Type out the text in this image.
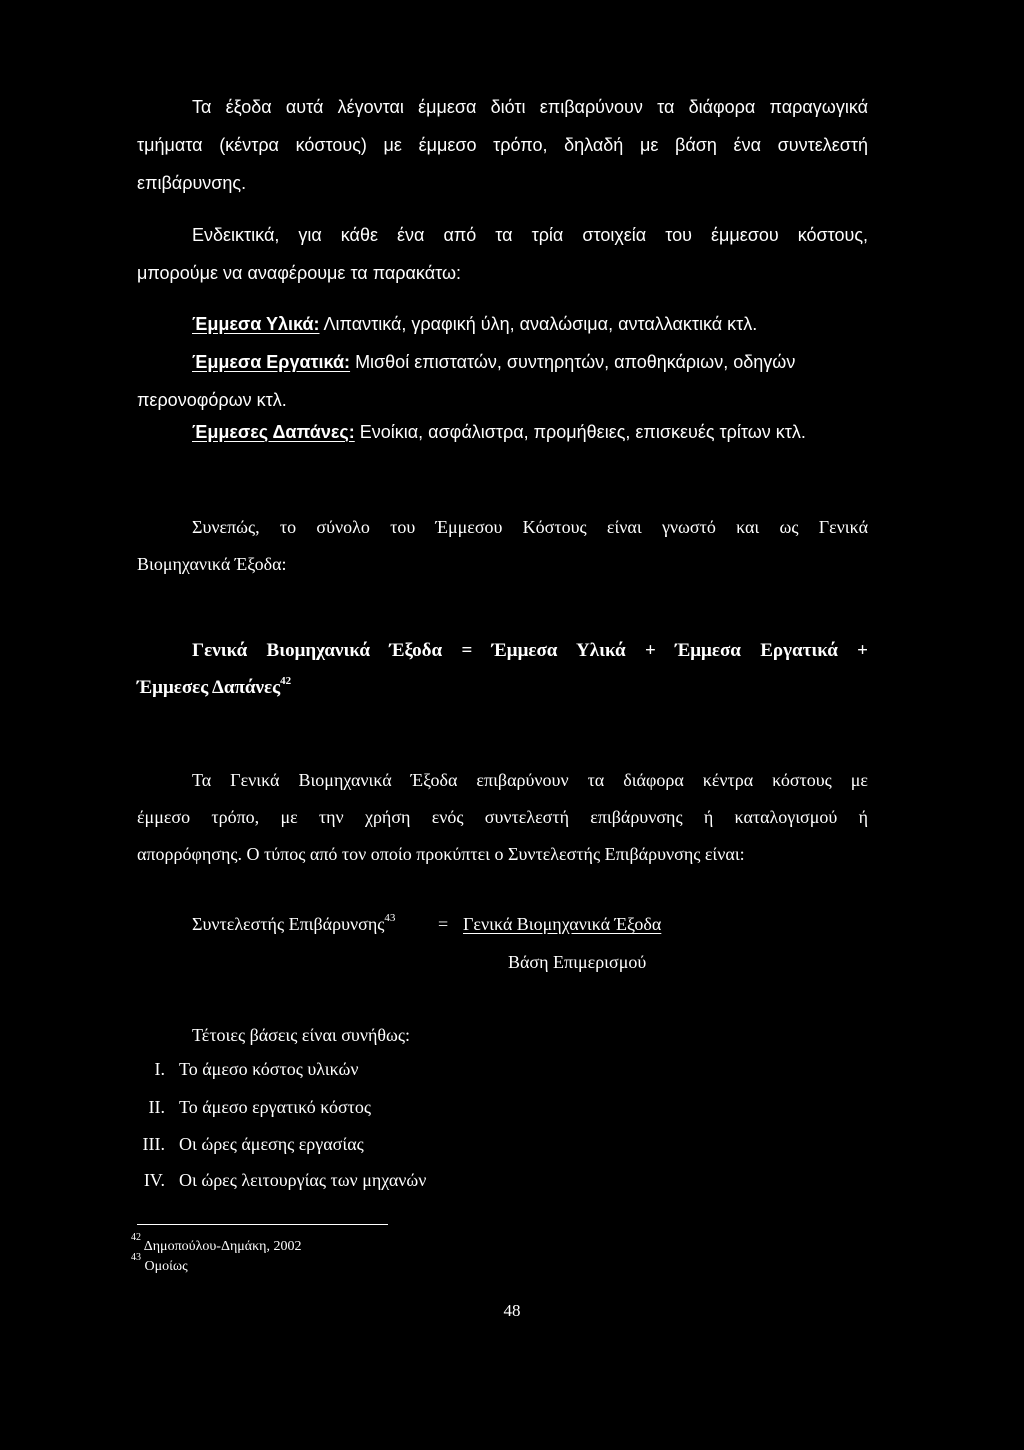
Τα έξοδα αυτά λέγονται έμμεσα διότι επιβαρύνουν τα διάφορα παραγωγικά
τμήματα (κέντρα κόστους) με έμμεσο τρόπο, δηλαδή με βάση ένα συντελεστή
επιβάρυνσης.
Ενδεικτικά, για κάθε ένα από τα τρία στοιχεία του έμμεσου κόστους,
μπορούμε να αναφέρουμε τα παρακάτω:
Έμμεσα Υλικά: Λιπαντικά, γραφική ύλη, αναλώσιμα, ανταλλακτικά κτλ.
Έμμεσα Εργατικά: Μισθοί επιστατών, συντηρητών, αποθηκάριων, οδηγών
περονοφόρων κτλ.
Έμμεσες Δαπάνες: Ενοίκια, ασφάλιστρα, προμήθειες, επισκευές τρίτων κτλ.
Συνεπώς, το σύνολο του Έμμεσου Κόστους είναι γνωστό και ως Γενικά
Βιομηχανικά Έξοδα:
Γενικά Βιομηχανικά Έξοδα = Έμμεσα Υλικά + Έμμεσα Εργατικά +
Έμμεσες Δαπάνες$^{42}$
Τα Γενικά Βιομηχανικά Έξοδα επιβαρύνουν τα διάφορα κέντρα κόστους με
έμμεσο τρόπο, με την χρήση ενός συντελεστή επιβάρυνσης ή καταλογισμού ή
απορρόφησης. Ο τύπος από τον οποίο προκύπτει ο Συντελεστής Επιβάρυνσης είναι:
Συντελεστής Επιβάρυνσης$^{43}$ = Γενικά Βιομηχανικά Έξοδα
Βάση Επιμερισμού
Τέτοιες βάσεις είναι συνήθως:
I. Το άμεσο κόστος υλικών
II. Το άμεσο εργατικό κόστος
III. Οι ώρες άμεσης εργασίας
IV. Οι ώρες λειτουργίας των μηχανών
$^{42}$ Δημοπούλου-Δημάκη, 2002
$^{43}$ Ομοίως
48
